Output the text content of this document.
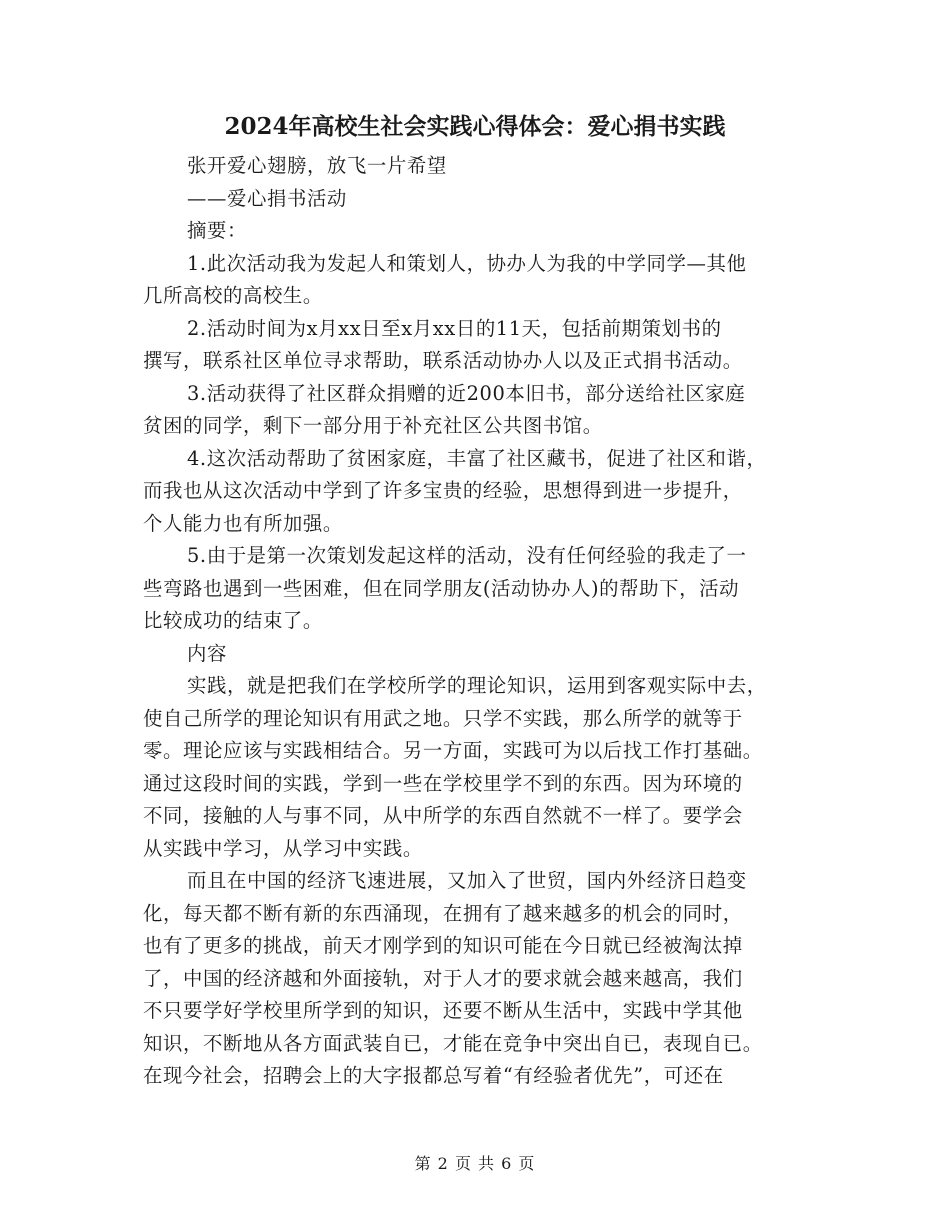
2024年高校生社会实践心得体会：爱心捐书实践
张开爱心翅膀，放飞一片希望
——爱心捐书活动
摘要：
1.此次活动我为发起人和策划人，协办人为我的中学同学—其他
几所高校的高校生。
2.活动时间为x月xx日至x月xx日的11天，包括前期策划书的
撰写，联系社区单位寻求帮助，联系活动协办人以及正式捐书活动。
3.活动获得了社区群众捐赠的近200本旧书，部分送给社区家庭
贫困的同学，剩下一部分用于补充社区公共图书馆。
4.这次活动帮助了贫困家庭，丰富了社区藏书，促进了社区和谐，
而我也从这次活动中学到了许多宝贵的经验，思想得到进一步提升，
个人能力也有所加强。
5.由于是第一次策划发起这样的活动，没有任何经验的我走了一
些弯路也遇到一些困难，但在同学朋友(活动协办人)的帮助下，活动
比较成功的结束了。
内容
实践，就是把我们在学校所学的理论知识，运用到客观实际中去，
使自己所学的理论知识有用武之地。只学不实践，那么所学的就等于
零。理论应该与实践相结合。另一方面，实践可为以后找工作打基础。
通过这段时间的实践，学到一些在学校里学不到的东西。因为环境的
不同，接触的人与事不同，从中所学的东西自然就不一样了。要学会
从实践中学习，从学习中实践。
而且在中国的经济飞速进展，又加入了世贸，国内外经济日趋变
化，每天都不断有新的东西涌现，在拥有了越来越多的机会的同时，
也有了更多的挑战，前天才刚学到的知识可能在今日就已经被淘汰掉
了，中国的经济越和外面接轨，对于人才的要求就会越来越高，我们
不只要学好学校里所学到的知识，还要不断从生活中，实践中学其他
知识，不断地从各方面武装自已，才能在竞争中突出自已，表现自已。
在现今社会，招聘会上的大字报都总写着“有经验者优先”，可还在
第 2 页 共 6 页
